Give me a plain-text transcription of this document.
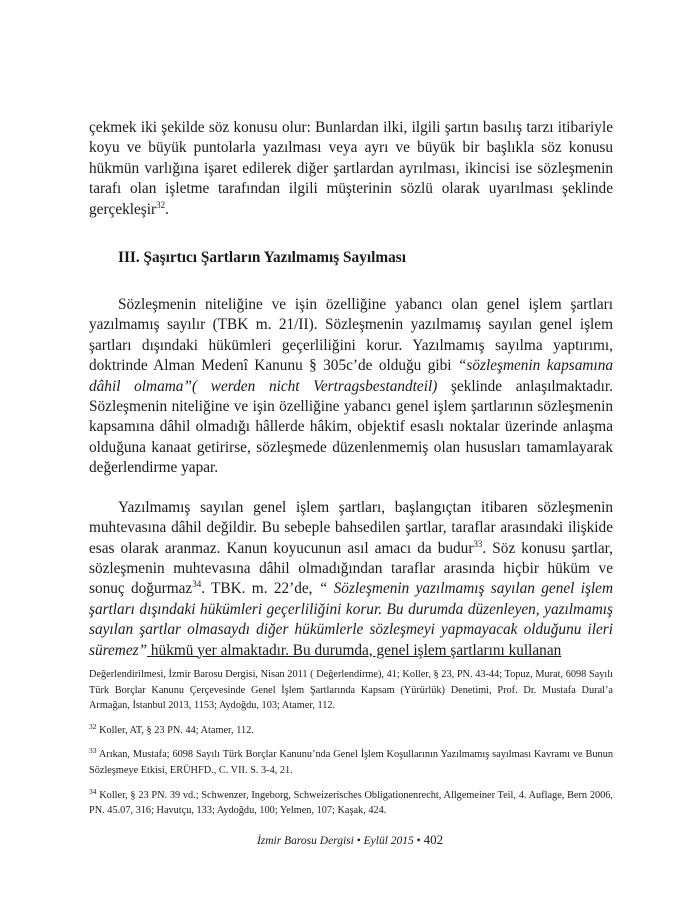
çekmek iki şekilde söz konusu olur: Bunlardan ilki, ilgili şartın basılış tarzı itibariyle koyu ve büyük puntolarla yazılması veya ayrı ve büyük bir başlıkla söz konusu hükmün varlığına işaret edilerek diğer şartlardan ayrılması, ikincisi ise sözleşmenin tarafı olan işletme tarafından ilgili müşterinin sözlü olarak uyarılması şeklinde gerçekleşir$^{32}$.

III. Şaşırtıcı Şartların Yazılmamış Sayılması

Sözleşmenin niteliğine ve işin özelliğine yabancı olan genel işlem şartları yazılmamış sayılır (TBK m. 21/II). Sözleşmenin yazılmamış sayılan genel işlem şartları dışındaki hükümleri geçerliliğini korur. Yazılmamış sayılma yaptırımı, doktrinde Alman Medenî Kanunu § 305c’de olduğu gibi “sözleşmenin kapsamına dâhil olmama”( werden nicht Vertragsbestandteil) şeklinde anlaşılmaktadır. Sözleşmenin niteliğine ve işin özelliğine yabancı genel işlem şartlarının sözleşmenin kapsamına dâhil olmadığı hâllerde hâkim, objektif esaslı noktalar üzerinde anlaşma olduğuna kanaat getirirse, sözleşmede düzenlenmemiş olan hususları tamamlayarak değerlendirme yapar.

Yazılmamış sayılan genel işlem şartları, başlangıçtan itibaren sözleşmenin muhtevasına dâhil değildir. Bu sebeple bahsedilen şartlar, taraflar arasındaki ilişkide esas olarak aranmaz. Kanun koyucunun asıl amacı da budur$^{33}$. Söz konusu şartlar, sözleşmenin muhtevasına dâhil olmadığından taraflar arasında hiçbir hüküm ve sonuç doğurmaz$^{34}$. TBK. m. 22’de, “ Sözleşmenin yazılmamış sayılan genel işlem şartları dışındaki hükümleri geçerliliğini korur. Bu durumda düzenleyen, yazılmamış sayılan şartlar olmasaydı diğer hükümlerle sözleşmeyi yapmayacak olduğunu ileri süremez” hükmü yer almaktadır. Bu durumda, genel işlem şartlarını kullanan

Değerlendirilmesi, İzmir Barosu Dergisi, Nisan 2011 ( Değerlendirme), 41; Koller, § 23, PN. 43-44; Topuz, Murat, 6098 Sayılı Türk Borçlar Kanunu Çerçevesinde Genel İşlem Şartlarında Kapsam (Yürürlük) Denetimi, Prof. Dr. Mustafa Dural’a Armağan, İstanbul 2013, 1153; Aydoğdu, 103; Atamer, 112.

$^{32}$ Koller, AT, § 23 PN. 44; Atamer, 112.

$^{33}$ Arıkan, Mustafa; 6098 Sayılı Türk Borçlar Kanunu’nda Genel İşlem Koşullarının Yazılmamış sayılması Kavramı ve Bunun Sözleşmeye Etkisi, ERÜHFD., C. VII. S. 3-4, 21.

$^{34}$ Koller, § 23 PN. 39 vd.; Schwenzer, Ingeborg, Schweizerisches Obligationenrecht, Allgemeiner Teil, 4. Auflage, Bern 2006, PN. 45.07, 316; Havutçu, 133; Aydoğdu, 100; Yelmen, 107; Kaşak, 424.

İzmir Barosu Dergisi • Eylül 2015 • 402
